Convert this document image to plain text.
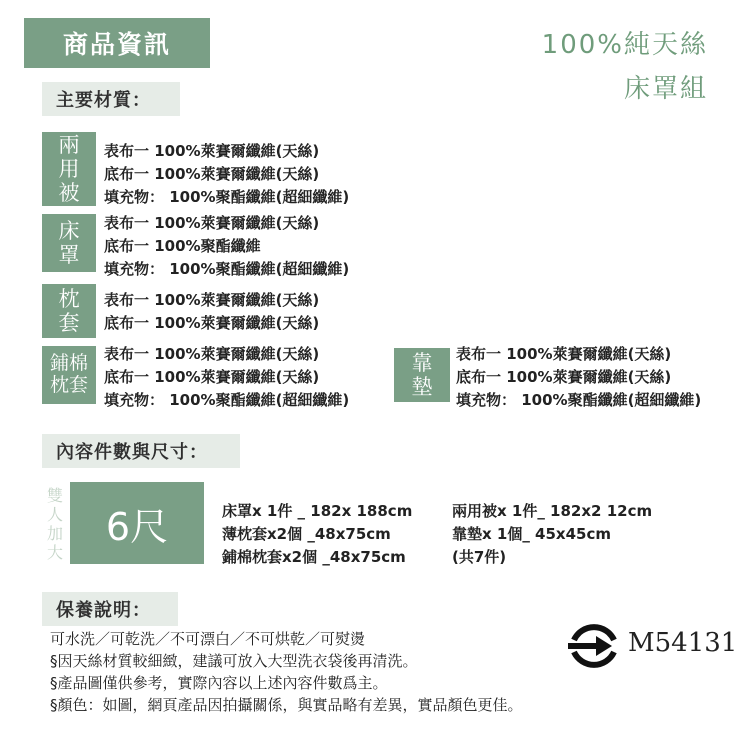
商品資訊	100%純天絲
床罩組
主要材質：
兩
用
被
表布一 100%萊賽爾纖維(天絲)
底布一 100%萊賽爾纖維(天絲)
填充物： 100%聚酯纖維(超細纖維)
床
罩
表布一 100%萊賽爾纖維(天絲)
底布一 100%聚酯纖維
填充物： 100%聚酯纖維(超細纖維)
枕
套
表布一 100%萊賽爾纖維(天絲)
底布一 100%萊賽爾纖維(天絲)
鋪棉
枕套
表布一 100%萊賽爾纖維(天絲)
底布一 100%萊賽爾纖維(天絲)
填充物： 100%聚酯纖維(超細纖維)
靠
墊
表布一 100%萊賽爾纖維(天絲)
底布一 100%萊賽爾纖維(天絲)
填充物： 100%聚酯纖維(超細纖維)
內容件數與尺寸：
雙
人
加
大
6尺	床罩x 1件 _ 182x 188cm
薄枕套x2個 _48x75cm
鋪棉枕套x2個 _48x75cm
兩用被x 1件_ 182x2 12cm
靠墊x 1個_ 45x45cm
(共7件)
保養說明：
可水洗／可乾洗／不可漂白／不可烘乾／可熨燙
§因天絲材質較細緻，建議可放入大型洗衣袋後再清洗。
§產品圖僅供參考，實際內容以上述內容件數爲主。
§顏色：如圖，網頁產品因拍攝關係，與實品略有差異，實品顏色更佳。
M54131
